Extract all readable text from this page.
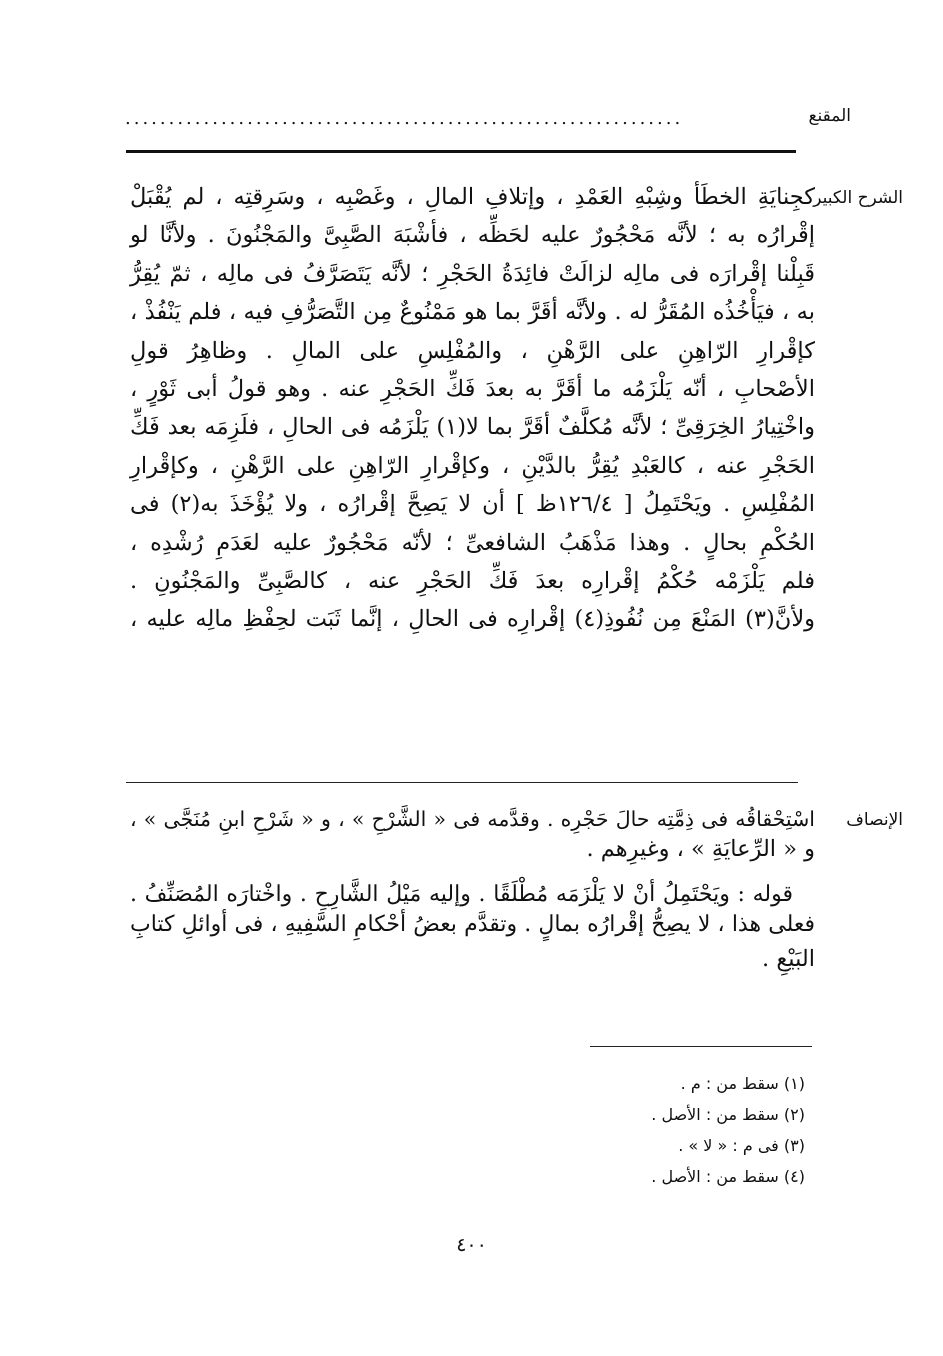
المقنع
................................................................
الشرح الكبير
كجِنايَةِ الخطَأ وشِبْهِ العَمْدِ ، وإتلافِ المالِ ، وغَصْبِه ، وسَرِقتِه ، لم يُقْبَلْ
إقْرارُه به ؛ لأنَّه مَحْجُورٌ عليه لحَظِّه ، فأشْبَهَ الصَّبِىَّ والمَجْنُونَ . ولأنَّا لو
قَبِلْنا إقْرارَه فى مالِه لزالَتْ فائِدَةُ الحَجْرِ ؛ لأنَّه يَتَصَرَّفُ فى مالِه ، ثمّ يُقِرُّ
به ، فيَأْخُذُه المُقَرُّ له . ولأنَّه أقَرَّ بما هو مَمْنُوعٌ مِن التَّصَرُّفِ فيه ، فلم يَنْفُذْ ،
كإقْرارِ الرّاهِنِ على الرَّهْنِ ، والمُفْلِسِ على المالِ . وظاهِرُ قولِ
الأصْحابِ ، أنّه يَلْزَمُه ما أقَرَّ به بعدَ فَكِّ الحَجْرِ عنه . وهو قولُ أبى ثَوْرٍ ،
واخْتِيارُ الخِرَقِىِّ ؛ لأنَّه مُكلَّفٌ أقَرَّ بما لا(١) يَلْزَمُه فى الحالِ ، فلَزِمَه بعد فَكِّ
الحَجْرِ عنه ، كالعَبْدِ يُقِرُّ بالدَّيْنِ ، وكإقْرارِ الرّاهِنِ على الرَّهْنِ ، وكإقْرارِ
المُفْلِسِ . ويَحْتَمِلُ [ ١٢٦/٤ظ ] أن لا يَصِحَّ إقْرارُه ، ولا يُؤْخَذَ به(٢) فى
الحُكْمِ بحالٍ . وهذا مَذْهَبُ الشافعىِّ ؛ لأنّه مَحْجُورٌ عليه لعَدَمِ رُشْدِه ،
فلم يَلْزَمْه حُكْمُ إقْرارِه بعدَ فَكِّ الحَجْرِ عنه ، كالصَّبِىِّ والمَجْنُونِ .
ولأنَّ(٣) المَنْعَ مِن نُفُوذِ(٤) إقْرارِه فى الحالِ ، إنَّما ثَبَت لحِفْظِ مالِه عليه ،
الإنصاف
اسْتِحْقاقُه فى ذِمَّتِه حالَ حَجْرِه . وقدَّمه فى « الشَّرْحِ » ، و « شَرْحِ ابنِ مُنَجَّى » ،
و « الرِّعايَةِ » ، وغيرِهم .
قوله : ويَحْتَمِلُ أنْ لا يَلْزَمَه مُطْلَقًا . وإليه مَيْلُ الشَّارِحِ . واخْتارَه المُصَنِّفُ .
فعلى هذا ، لا يصِحُّ إقْرارُه بمالٍ . وتقدَّم بعضُ أحْكامِ السَّفِيهِ ، فى أوائلِ كتابِ
البَيْعِ .
(١) سقط من : م .
(٢) سقط من : الأصل .
(٣) فى م : « لا » .
(٤) سقط من : الأصل .
٤٠٠
